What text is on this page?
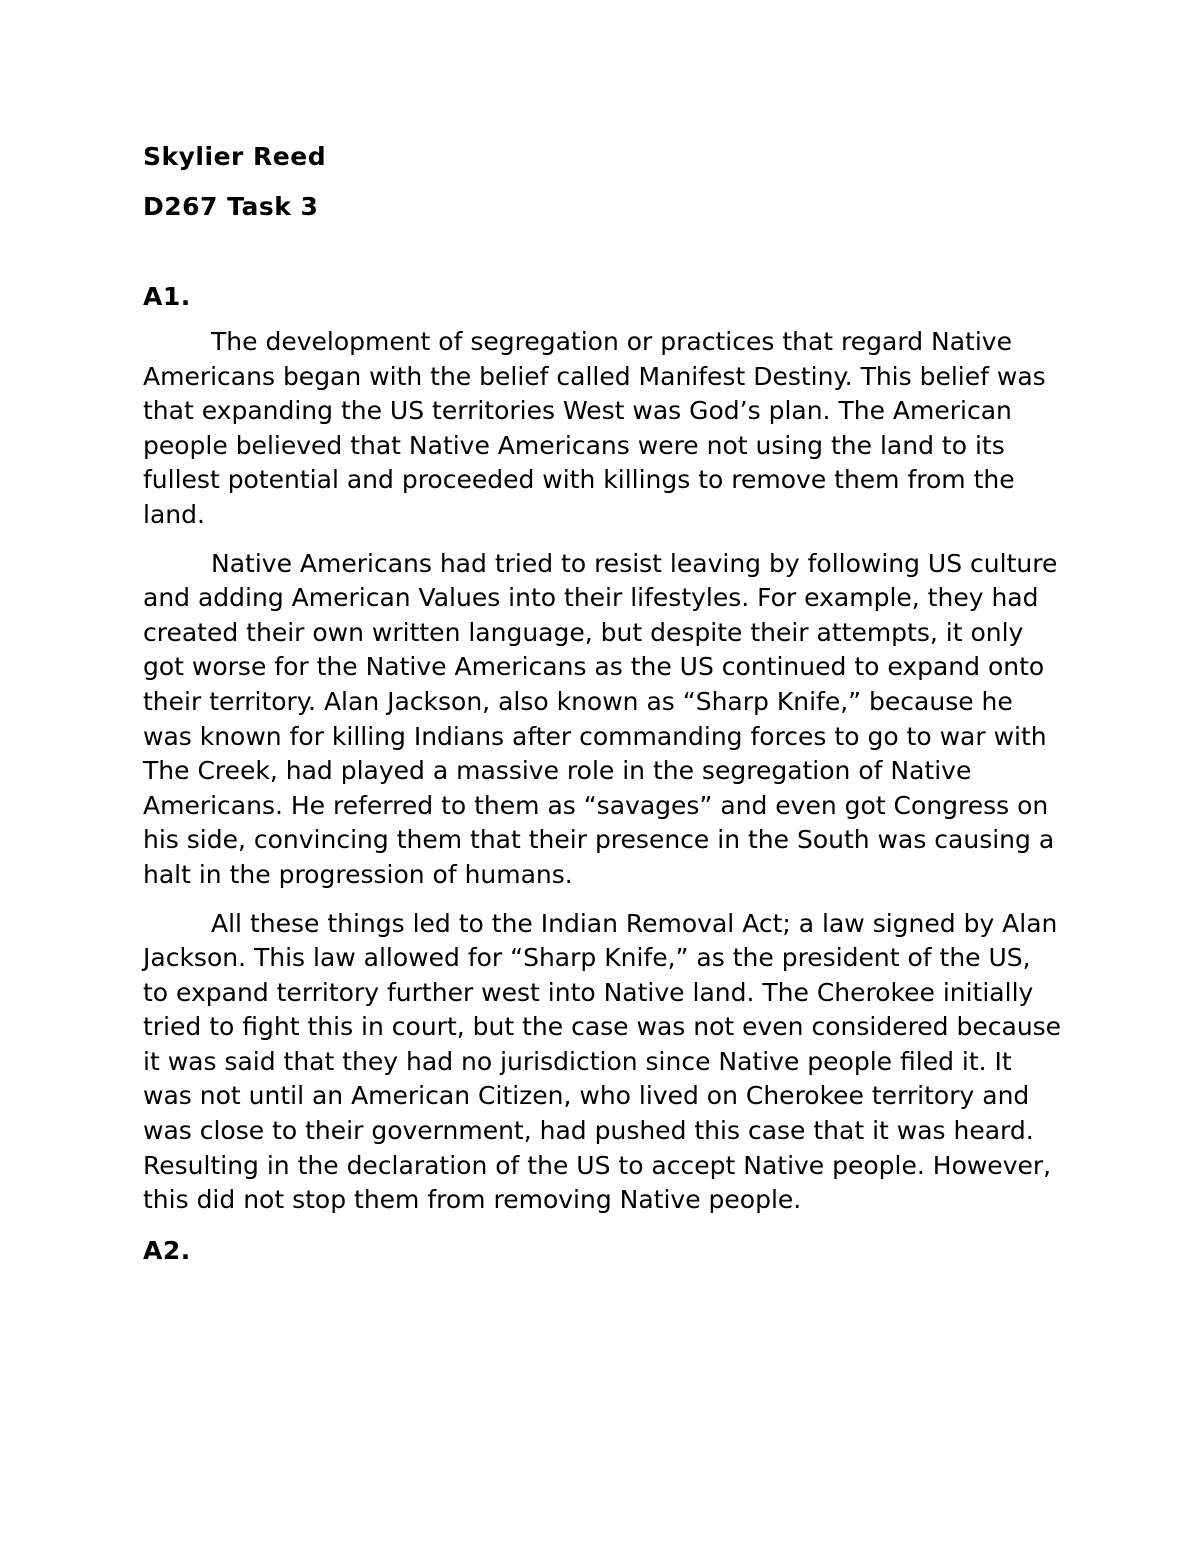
Skylier Reed

D267 Task 3

A1.

The development of segregation or practices that regard Native Americans began with the belief called Manifest Destiny. This belief was that expanding the US territories West was God’s plan. The American people believed that Native Americans were not using the land to its fullest potential and proceeded with killings to remove them from the land.

Native Americans had tried to resist leaving by following US culture and adding American Values into their lifestyles. For example, they had created their own written language, but despite their attempts, it only got worse for the Native Americans as the US continued to expand onto their territory. Alan Jackson, also known as “Sharp Knife,” because he was known for killing Indians after commanding forces to go to war with The Creek, had played a massive role in the segregation of Native Americans. He referred to them as “savages” and even got Congress on his side, convincing them that their presence in the South was causing a halt in the progression of humans.

All these things led to the Indian Removal Act; a law signed by Alan Jackson. This law allowed for “Sharp Knife,” as the president of the US, to expand territory further west into Native land. The Cherokee initially tried to fight this in court, but the case was not even considered because it was said that they had no jurisdiction since Native people filed it. It was not until an American Citizen, who lived on Cherokee territory and was close to their government, had pushed this case that it was heard. Resulting in the declaration of the US to accept Native people. However, this did not stop them from removing Native people.

A2.
